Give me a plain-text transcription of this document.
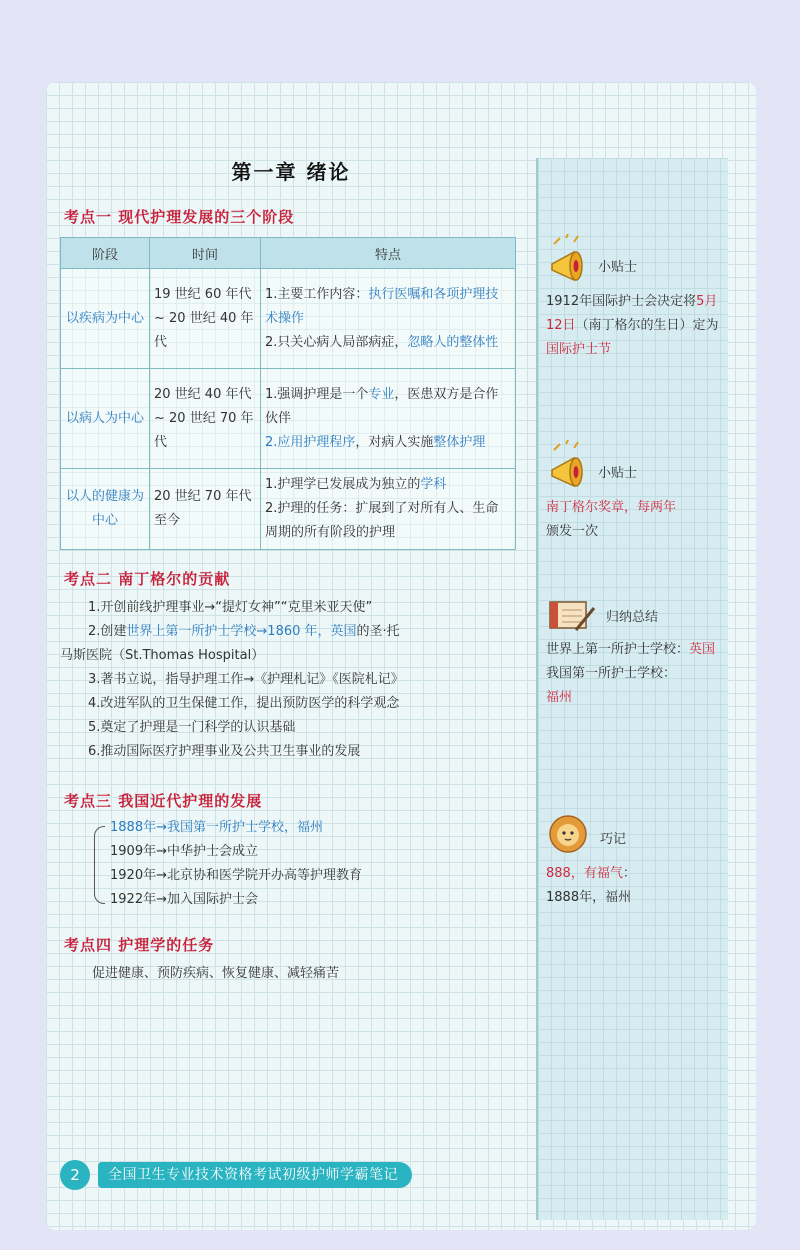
第一章 绪论
考点一 现代护理发展的三个阶段
阶段	时间	特点
以疾病为中心	19 世纪 60 年代 ~ 20 世纪 40 年代	1.主要工作内容：执行医嘱和各项护理技术操作
2.只关心病人局部病症，忽略人的整体性

以病人为中心	20 世纪 40 年代 ~ 20 世纪 70 年代	1.强调护理是一个专业，医患双方是合作伙伴
2.应用护理程序，对病人实施整体护理

以人的健康为中心	20 世纪 70 年代至今	1.护理学已发展成为独立的学科
2.护理的任务：扩展到了对所有人、生命周期的所有阶段的护理
考点二 南丁格尔的贡献
1.开创前线护理事业→“提灯女神”“克里米亚天使”
2.创建世界上第一所护士学校→1860 年，英国的圣·托
马斯医院（St.Thomas Hospital）
3.著书立说，指导护理工作→《护理札记》《医院札记》
4.改进军队的卫生保健工作，提出预防医学的科学观念
5.奠定了护理是一门科学的认识基础
6.推动国际医疗护理事业及公共卫生事业的发展
考点三 我国近代护理的发展
1888年→我国第一所护士学校，福州
1909年→中华护士会成立
1920年→北京协和医学院开办高等护理教育
1922年→加入国际护士会
考点四 护理学的任务
促进健康、预防疾病、恢复健康、减轻痛苦
小贴士
1912年国际护士会决定将5月12日（南丁格尔的生日）定为国际护士节
小贴士
南丁格尔奖章，每两年
颁发一次
归纳总结
世界上第一所护士学校：英国
我国第一所护士学校：
福州
巧记
888，有福气：
1888年，福州
2	全国卫生专业技术资格考试初级护师学霸笔记
